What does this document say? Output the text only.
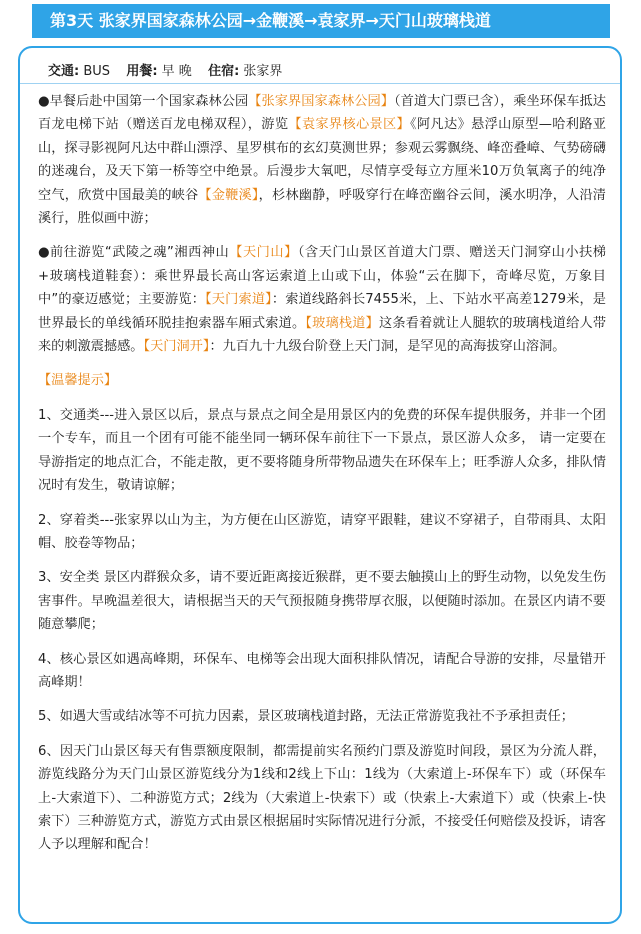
第3天 张家界国家森林公园→金鞭溪→袁家界→天门山玻璃栈道
交通: BUS 用餐: 早 晚 住宿: 张家界

●早餐后赴中国第一个国家森林公园【张家界国家森林公园】（首道大门票已含），乘坐环保车抵达百龙电梯下站（赠送百龙电梯双程），游览【袁家界核心景区】《阿凡达》悬浮山原型—哈利路亚山，探寻影视阿凡达中群山漂浮、星罗棋布的玄幻莫测世界；参观云雾飘绕、峰峦叠嶂、气势磅礴的迷魂台，及天下第一桥等空中绝景。后漫步大氧吧，尽情享受每立方厘米10万负氧离子的纯净空气，欣赏中国最美的峡谷【金鞭溪】，杉林幽静，呼吸穿行在峰峦幽谷云间，溪水明净，人沿清溪行，胜似画中游；

●前往游览“武陵之魂”湘西神山【天门山】（含天门山景区首道大门票、赠送天门洞穿山小扶梯+玻璃栈道鞋套）：乘世界最长高山客运索道上山或下山，体验“云在脚下，奇峰尽览，万象目中”的豪迈感觉；主要游览：【天门索道】：索道线路斜长7455米，上、下站水平高差1279米，是世界最长的单线循环脱挂抱索器车厢式索道。【玻璃栈道】这条看着就让人腿软的玻璃栈道给人带来的刺激震撼感。【天门洞开】：九百九十九级台阶登上天门洞，是罕见的高海拔穿山溶洞。

【温馨提示】

1、交通类---进入景区以后，景点与景点之间全是用景区内的免费的环保车提供服务，并非一个团一个专车，而且一个团有可能不能坐同一辆环保车前往下一下景点，景区游人众多， 请一定要在导游指定的地点汇合，不能走散，更不要将随身所带物品遗失在环保车上；旺季游人众多，排队情况时有发生，敬请谅解；

2、穿着类---张家界以山为主，为方便在山区游览，请穿平跟鞋，建议不穿裙子，自带雨具、太阳帽、胶卷等物品；

3、安全类 景区内群猴众多，请不要近距离接近猴群，更不要去触摸山上的野生动物，以免发生伤害事件。早晚温差很大，请根据当天的天气预报随身携带厚衣服，以便随时添加。在景区内请不要随意攀爬；

4、核心景区如遇高峰期，环保车、电梯等会出现大面积排队情况，请配合导游的安排，尽量错开高峰期！

5、如遇大雪或结冰等不可抗力因素，景区玻璃栈道封路，无法正常游览我社不予承担责任；

6、因天门山景区每天有售票额度限制，都需提前实名预约门票及游览时间段，景区为分流人群，游览线路分为天门山景区游览线分为1线和2线上下山：1线为（大索道上-环保车下）或（环保车上-大索道下）、二种游览方式；2线为（大索道上-快索下）或（快索上-大索道下）或（快索上-快索下）三种游览方式，游览方式由景区根据届时实际情况进行分派，不接受任何赔偿及投诉，请客人予以理解和配合！
